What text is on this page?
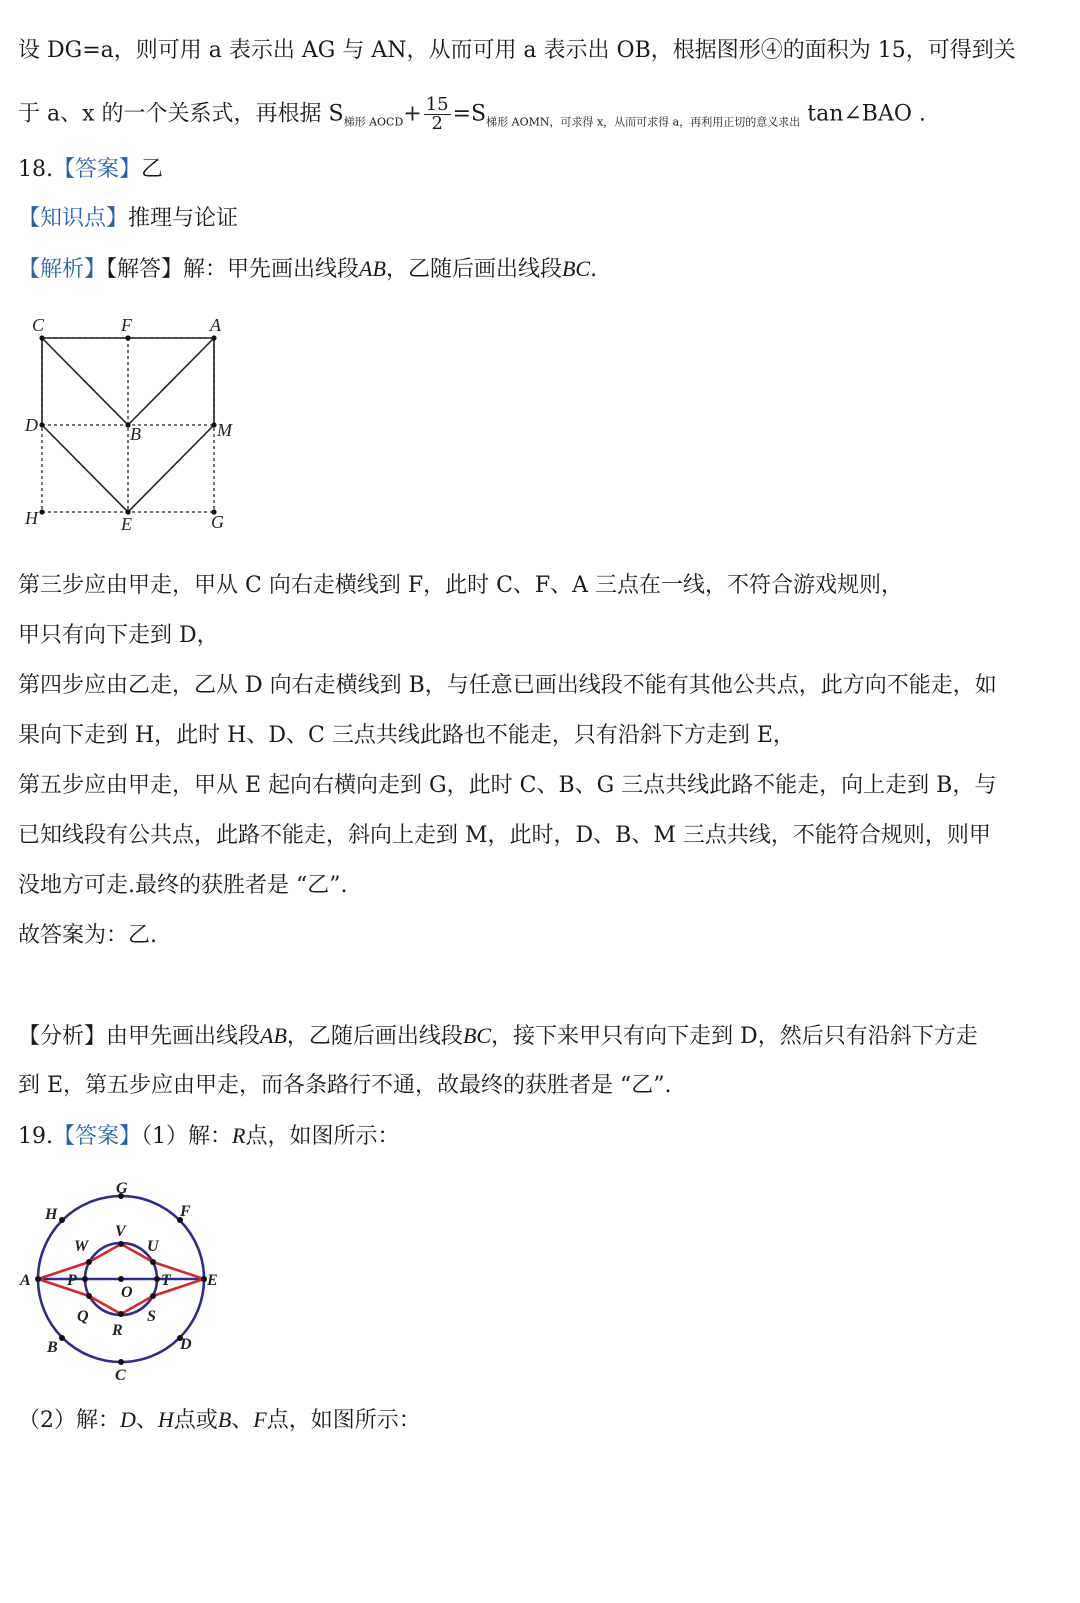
设 DG=a，则可用 a 表示出 AG 与 AN，从而可用 a 表示出 OB，根据图形④的面积为 15，可得到关
于 a、x 的一个关系式，再根据 $S_{梯形 AOCD}+ \frac{15}{2} =S_{梯形 AOMN,可求得 x,从而可求得 a,再利用正切的意义求出}$ tan∠BAO .
18.【答案】乙
【知识点】推理与论证
【解析】【解答】解：甲先画出线段AB，乙随后画出线段BC.
C	F	A
D	B	M
H	E	G
第三步应由甲走，甲从 C 向右走横线到 F，此时 C、F、A 三点在一线，不符合游戏规则，
甲只有向下走到 D，
第四步应由乙走，乙从 D 向右走横线到 B，与任意已画出线段不能有其他公共点，此方向不能走，如
果向下走到 H，此时 H、D、C 三点共线此路也不能走，只有沿斜下方走到 E，
第五步应由甲走，甲从 E 起向右横向走到 G，此时 C、B、G 三点共线此路不能走，向上走到 B，与
已知线段有公共点，此路不能走，斜向上走到 M，此时，D、B、M 三点共线，不能符合规则，则甲
没地方可走.最终的获胜者是 “乙”.
故答案为：乙.
【分析】由甲先画出线段AB，乙随后画出线段BC，接下来甲只有向下走到 D，然后只有沿斜下方走
到 E，第五步应由甲走，而各条路行不通，故最终的获胜者是 “乙”.
19.【答案】（1）解：R点，如图所示：
G
H	F
V
W	U
A P
O
T E
Q	S
R
B	D
C
（2）解：D、H点或B、F点，如图所示：
